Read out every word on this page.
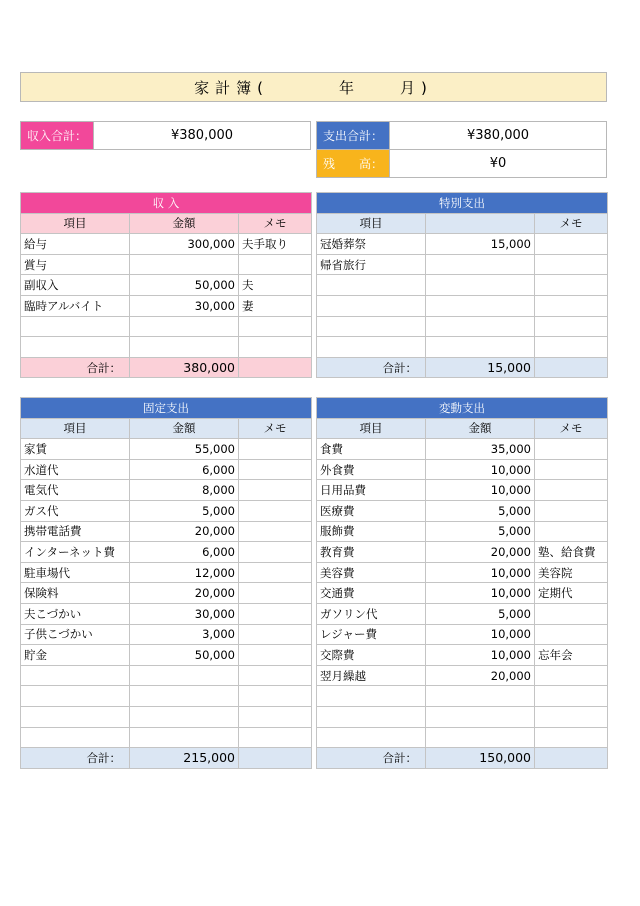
家計簿(	年	月)
収入合計：	¥380,000	支出合計：	¥380,000
残　　高：	¥0
収 入		
項目	金額	メモ
給与	300,000	夫手取り
賞与		
副収入	50,000	夫
臨時アルバイト	30,000	妻

合計：	380,000	
特別支出		
項目		メモ
冠婚葬祭	15,000	
帰省旅行		

合計：	15,000	
固定支出		
項目	金額	メモ
家賃	55,000	
水道代	6,000	
電気代	8,000	
ガス代	5,000	
携帯電話費	20,000	
インターネット費	6,000	
駐車場代	12,000	
保険料	20,000	
夫こづかい	30,000	
子供こづかい	3,000	
貯金	50,000	

合計：	215,000	
変動支出		
項目	金額	メモ
食費	35,000	
外食費	10,000	
日用品費	10,000	
医療費	5,000	
服飾費	5,000	
教育費	20,000	塾、給食費
美容費	10,000	美容院
交通費	10,000	定期代
ガソリン代	5,000	
レジャー費	10,000	
交際費	10,000	忘年会
翌月繰越	20,000	

合計：	150,000	
